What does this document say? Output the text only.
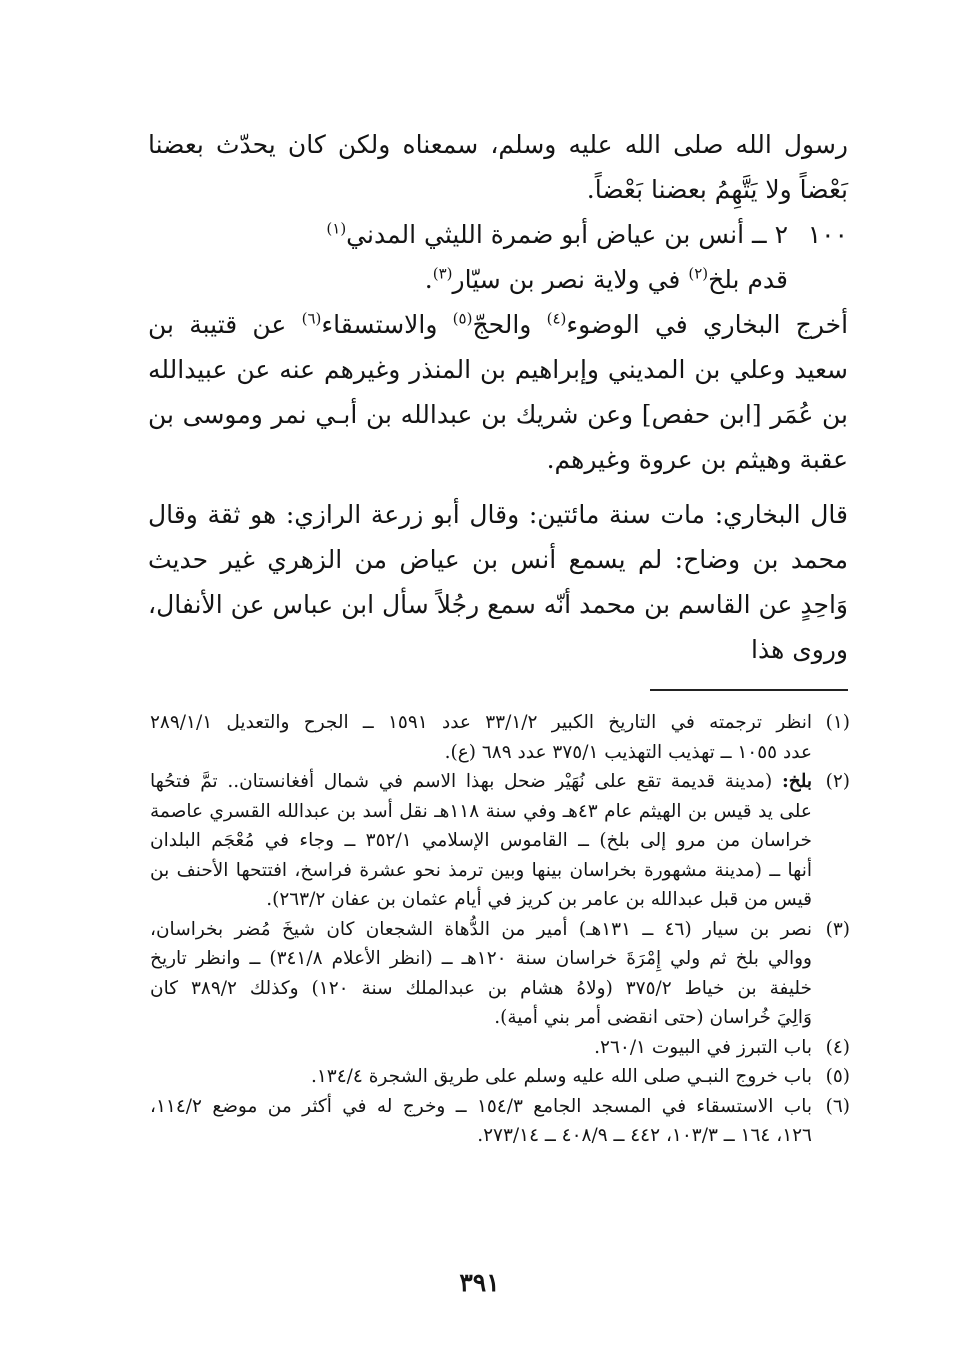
رسول الله صلى الله عليه وسلم، سمعناه ولكن كان يحدّث بعضنا بَعْضاً ولا يَتَّهِمُ بعضنا بَعْضاً.

١٠٠
٢ ــ أنس بن عياض أبو ضمرة الليثي المدني$^{(١)}$

قدم بلخ$^{(٢)}$ في ولاية نصر بن سيّار$^{(٣)}$.

أخرج البخاري في الوضوء$^{(٤)}$ والحجّ$^{(٥)}$ والاستسقاء$^{(٦)}$ عن قتيبة بن سعيد وعلي بن المديني وإبراهيم بن المنذر وغيرهم عنه عن عبيدالله بن عُمَر [ابن حفص] وعن شريك بن عبدالله بن أبـي نمر وموسى بن عقبة وهيثم بن عروة وغيرهم.

قال البخاري: مات سنة مائتين: وقال أبو زرعة الرازي: هو ثقة وقال محمد بن وضاح: لم يسمع أنس بن عياض من الزهري غير حديث وَاحِدٍ عن القاسم بن محمد أنّه سمع رجُلاً سأل ابن عباس عن الأنفال، وروى هذا

(١)
انظر ترجمته في التاريخ الكبير ٣٣/١/٢ عدد ١٥٩١ ــ الجرح والتعديل ٢٨٩/١/١
عدد ١٠٥٥ ــ تهذيب التهذيب ٣٧٥/١ عدد ٦٨٩ (ع).
(٢)
بلخ: (مدينة قديمة تقع على نُهَيْر ضحل بهذا الاسم في شمال أفغانستان.. تمَّ فتحُها
على يد قيس بن الهيثم عام ٤٣هـ وفي سنة ١١٨هـ نقل أسد بن عبدالله القسري عاصمة
خراسان من مرو إلى بلخ) ــ القاموس الإسلامي ٣٥٢/١ ــ وجاء في مُعْجَم البلدان
أنها ــ (مدينة مشهورة بخراسان بينها وبين ترمذ نحو عشرة فراسخ، افتتحها الأحنف بن
قيس من قبل عبدالله بن عامر بن كريز في أيام عثمان بن عفان ٢٦٣/٢).
(٣)
نصر بن سيار (٤٦ ــ ١٣١هـ) أمير من الدُّهاة الشجعان كان شيخَ مُضر بخراسان،
ووالي بلخ ثم ولي إِمْرَةَ خراسان سنة ١٢٠هـ ــ (انظر الأعلام ٣٤١/٨) ــ وانظر تاريخ
خليفة بن خياط ٣٧٥/٢ (ولاهُ هشام بن عبدالملك سنة ١٢٠) وكذلك ٣٨٩/٢ كان
وَالِيَ خُراسان (حتى انقضى أمر بني أمية).
(٤)
باب التبرز في البيوت ٢٦٠/١.
(٥)
باب خروج النبـي صلى الله عليه وسلم على طريق الشجرة ١٣٤/٤.
(٦)
باب الاستسقاء في المسجد الجامع ١٥٤/٣ ــ وخرج له في أكثر من موضع ١١٤/٢،
١٢٦، ١٦٤ ــ ١٠٣/٣، ٤٤٢ ــ ٤٠٨/٩ ــ ٢٧٣/١٤.
٣٩١
